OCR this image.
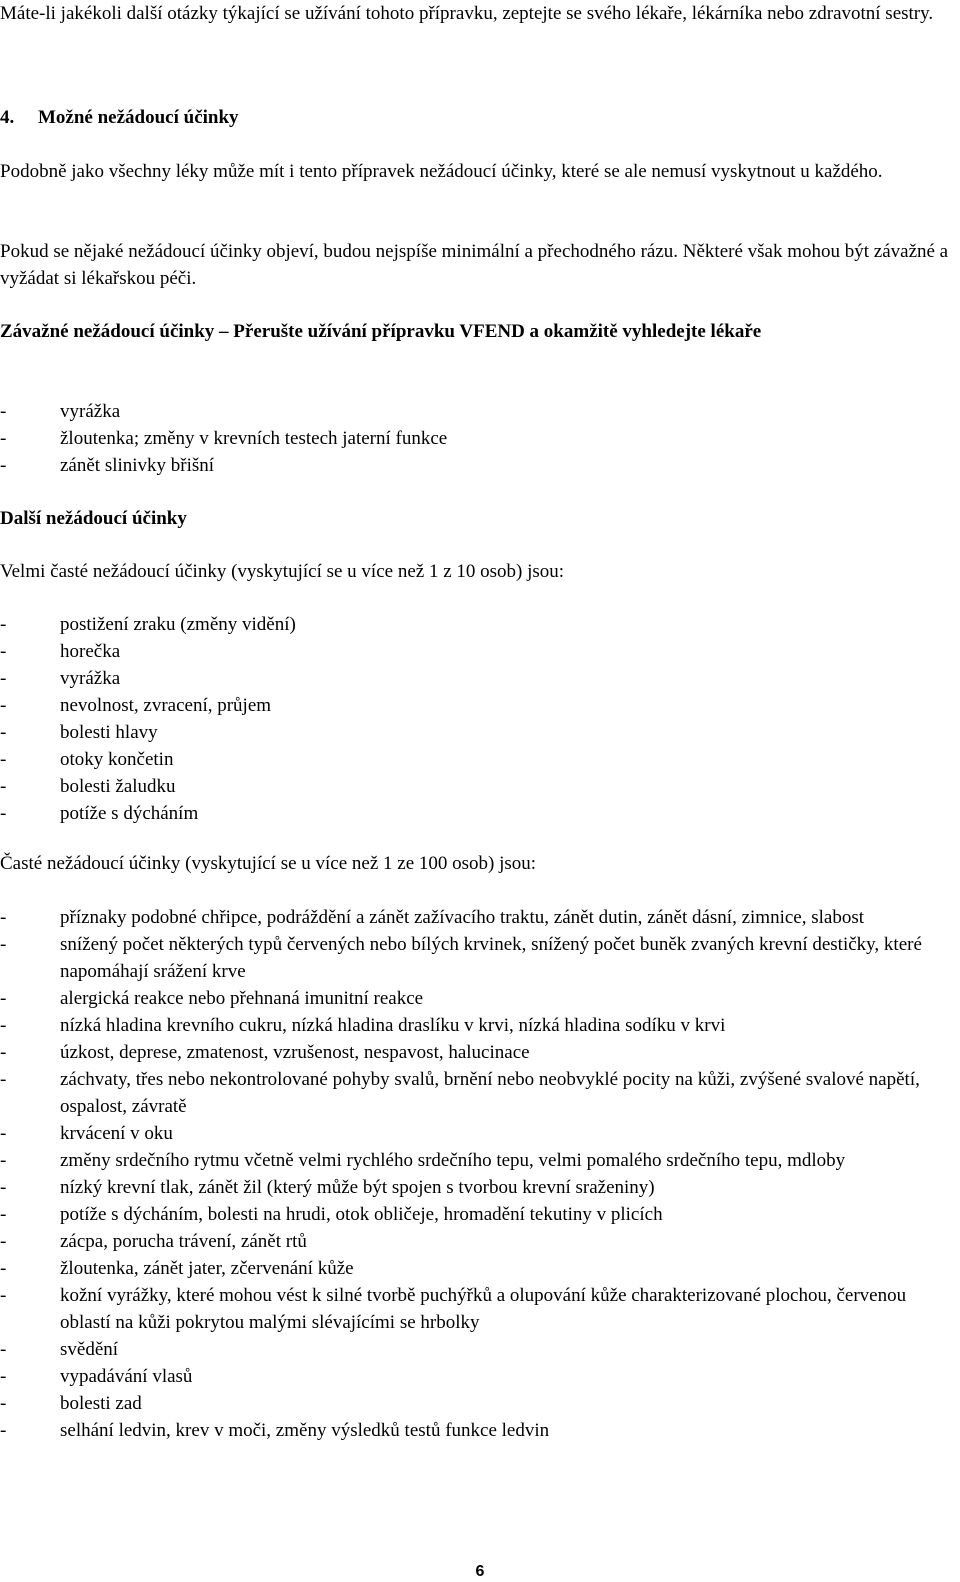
Máte-li jakékoli další otázky týkající se užívání tohoto přípravku, zeptejte se svého lékaře, lékárníka nebo zdravotní sestry.

4.     Možné nežádoucí účinky

Podobně jako všechny léky může mít i tento přípravek nežádoucí účinky, které se ale nemusí vyskytnout u každého.

Pokud se nějaké nežádoucí účinky objeví, budou nejspíše minimální a přechodného rázu. Některé však mohou být závažné a vyžádat si lékařskou péči.

Závažné nežádoucí účinky – Přerušte užívání přípravku VFEND a okamžitě vyhledejte lékaře

- vyrážka
- žloutenka; změny v krevních testech jaterní funkce
- zánět slinivky břišní

Další nežádoucí účinky

Velmi časté nežádoucí účinky (vyskytující se u více než 1 z 10 osob) jsou:

- postižení zraku (změny vidění)
- horečka
- vyrážka
- nevolnost, zvracení, průjem
- bolesti hlavy
- otoky končetin
- bolesti žaludku
- potíže s dýcháním

Časté nežádoucí účinky (vyskytující se u více než 1 ze 100 osob) jsou:

- příznaky podobné chřipce, podráždění a zánět zažívacího traktu, zánět dutin, zánět dásní, zimnice, slabost
- snížený počet některých typů červených nebo bílých krvinek, snížený počet buněk zvaných krevní destičky, které napomáhají srážení krve
- alergická reakce nebo přehnaná imunitní reakce
- nízká hladina krevního cukru, nízká hladina draslíku v krvi, nízká hladina sodíku v krvi
- úzkost, deprese, zmatenost, vzrušenost, nespavost, halucinace
- záchvaty, třes nebo nekontrolované pohyby svalů, brnění nebo neobvyklé pocity na kůži, zvýšené svalové napětí, ospalost, závratě
- krvácení v oku
- změny srdečního rytmu včetně velmi rychlého srdečního tepu, velmi pomalého srdečního tepu, mdloby
- nízký krevní tlak, zánět žil (který může být spojen s tvorbou krevní sraženiny)
- potíže s dýcháním, bolesti na hrudi, otok obličeje, hromadění tekutiny v plicích
- zácpa, porucha trávení, zánět rtů
- žloutenka, zánět jater, zčervenání kůže
- kožní vyrážky, které mohou vést k silné tvorbě puchýřků a olupování kůže charakterizované plochou, červenou oblastí na kůži pokrytou malými slévajícími se hrbolky
- svědění
- vypadávání vlasů
- bolesti zad
- selhání ledvin, krev v moči, změny výsledků testů funkce ledvin
6
